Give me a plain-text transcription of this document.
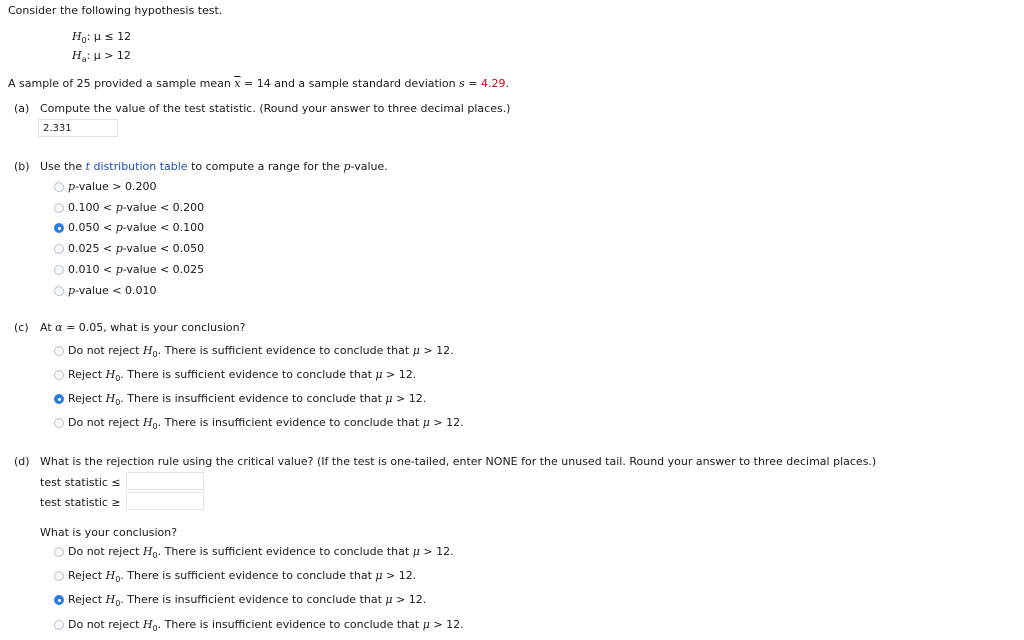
Consider the following hypothesis test.
$H_0$: μ ≤ 12
$H_a$: μ > 12
A sample of 25 provided a sample mean $\overline{x} = 14$ and a sample standard deviation s = 4.29.
(a) Compute the value of the test statistic. (Round your answer to three decimal places.)
2.331
(b) Use the t distribution table to compute a range for the p-value.
p-value > 0.200
0.100 < p-value < 0.200
0.050 < p-value < 0.100
0.025 < p-value < 0.050
0.010 < p-value < 0.025
p-value < 0.010
(c) At α = 0.05, what is your conclusion?
Do not reject $H_0$. There is sufficient evidence to conclude that μ > 12.
Reject $H_0$. There is sufficient evidence to conclude that μ > 12.
Reject $H_0$. There is insufficient evidence to conclude that μ > 12.
Do not reject $H_0$. There is insufficient evidence to conclude that μ > 12.
(d) What is the rejection rule using the critical value? (If the test is one-tailed, enter NONE for the unused tail. Round your answer to three decimal places.)
test statistic ≤
test statistic ≥
What is your conclusion?
Do not reject $H_0$. There is sufficient evidence to conclude that μ > 12.
Reject $H_0$. There is sufficient evidence to conclude that μ > 12.
Reject $H_0$. There is insufficient evidence to conclude that μ > 12.
Do not reject $H_0$. There is insufficient evidence to conclude that μ > 12.
